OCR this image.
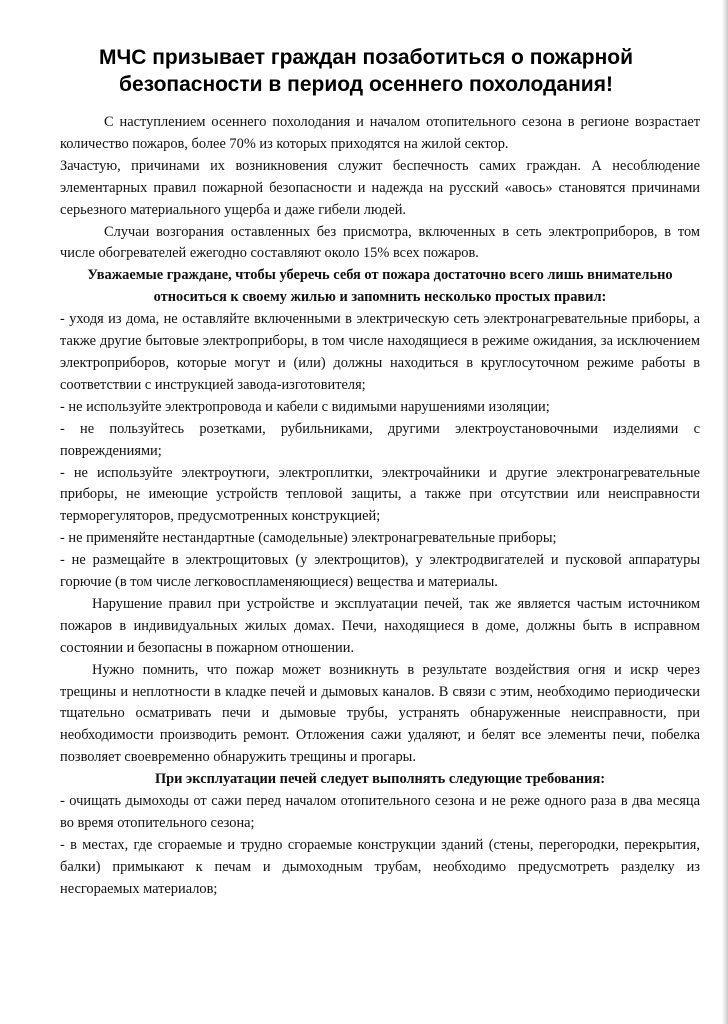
МЧС призывает граждан позаботиться о пожарной безопасности в период осеннего похолодания!

С наступлением осеннего похолодания и началом отопительного сезона в регионе возрастает количество пожаров, более 70% из которых приходятся на жилой сектор.

Зачастую, причинами их возникновения служит беспечность самих граждан. А несоблюдение элементарных правил пожарной безопасности и надежда на русский «авось» становятся причинами серьезного материального ущерба и даже гибели людей.

Случаи возгорания оставленных без присмотра, включенных в сеть электроприборов, в том числе обогревателей ежегодно составляют около 15% всех пожаров.

Уважаемые граждане, чтобы уберечь себя от пожара достаточно всего лишь внимательно относиться к своему жилью и запомнить несколько простых правил:

- уходя из дома, не оставляйте включенными в электрическую сеть электронагревательные приборы, а также другие бытовые электроприборы, в том числе находящиеся в режиме ожидания, за исключением электроприборов, которые могут и (или) должны находиться в круглосуточном режиме работы в соответствии с инструкцией завода-изготовителя;

- не используйте электропровода и кабели с видимыми нарушениями изоляции;

- не пользуйтесь розетками, рубильниками, другими электроустановочными изделиями с повреждениями;

- не используйте электроутюги, электроплитки, электрочайники и другие электронагревательные приборы, не имеющие устройств тепловой защиты, а также при отсутствии или неисправности терморегуляторов, предусмотренных конструкцией;

- не применяйте нестандартные (самодельные) электронагревательные приборы;

- не размещайте в электрощитовых (у электрощитов), у электродвигателей и пусковой аппаратуры горючие (в том числе легковоспламеняющиеся) вещества и материалы.

Нарушение правил при устройстве и эксплуатации печей, так же является частым источником пожаров в индивидуальных жилых домах. Печи, находящиеся в доме, должны быть в исправном состоянии и безопасны в пожарном отношении.

Нужно помнить, что пожар может возникнуть в результате воздействия огня и искр через трещины и неплотности в кладке печей и дымовых каналов. В связи с этим, необходимо периодически тщательно осматривать печи и дымовые трубы, устранять обнаруженные неисправности, при необходимости производить ремонт. Отложения сажи удаляют, и белят все элементы печи, побелка позволяет своевременно обнаружить трещины и прогары.

При эксплуатации печей следует выполнять следующие требования:

- очищать дымоходы от сажи перед началом отопительного сезона и не реже одного раза в два месяца во время отопительного сезона;

- в местах, где сгораемые и трудно сгораемые конструкции зданий (стены, перегородки, перекрытия, балки) примыкают к печам и дымоходным трубам, необходимо предусмотреть разделку из несгораемых материалов;
